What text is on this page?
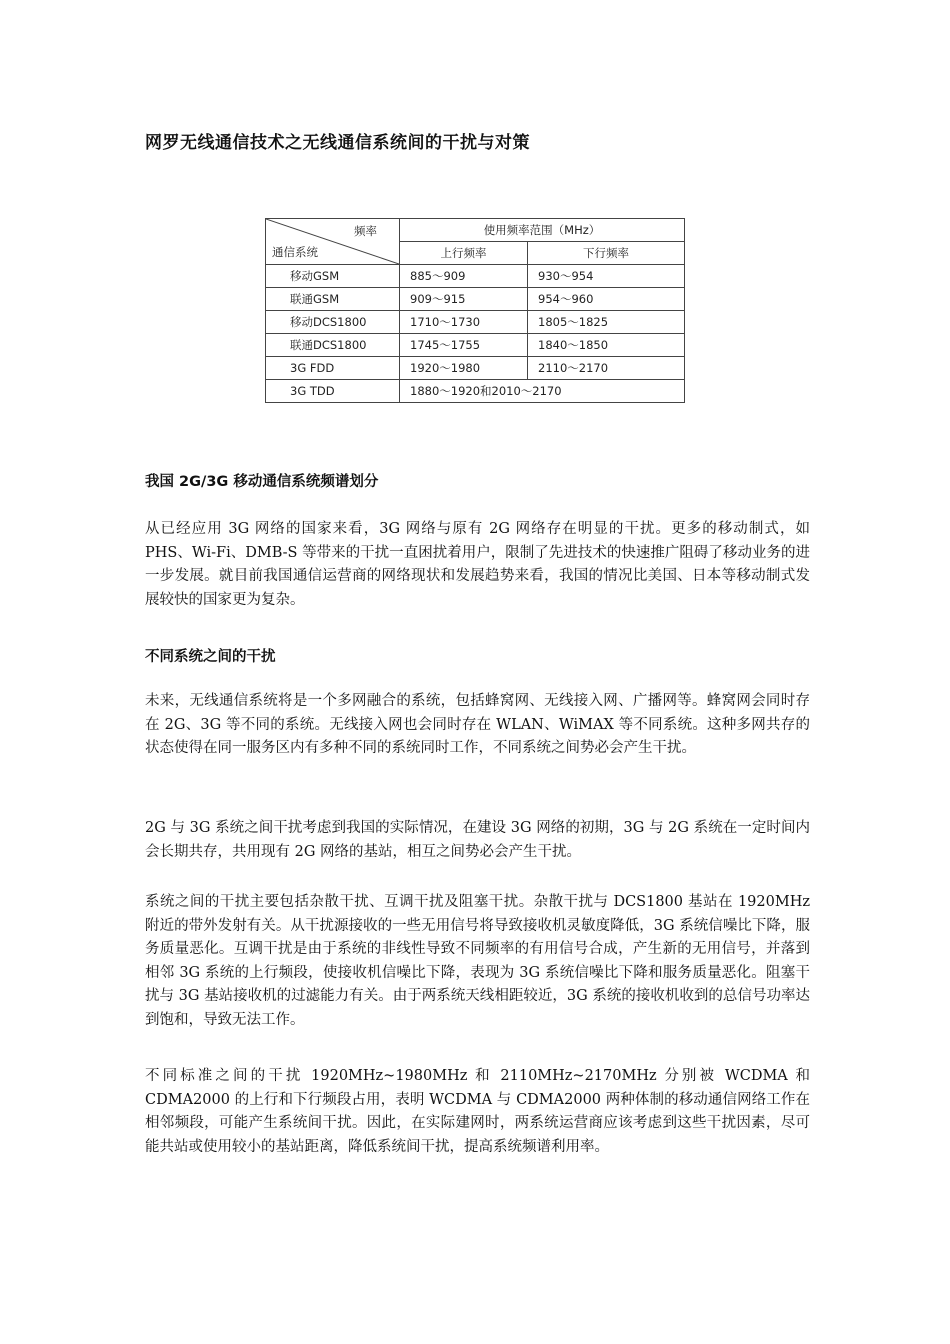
网罗无线通信技术之无线通信系统间的干扰与对策
频率
通信系统	使用频率范围（MHz）	
	上行频率	下行频率
移动GSM	885～909	930～954
联通GSM	909～915	954～960
移动DCS1800	1710～1730	1805～1825
联通DCS1800	1745～1755	1840～1850
3G FDD	1920～1980	2110～2170
3G TDD	1880～1920和2010～2170	
我国 2G/3G 移动通信系统频谱划分
从已经应用 3G 网络的国家来看，3G 网络与原有 2G 网络存在明显的干扰。更多的移动制式，如 PHS、Wi-Fi、DMB-S 等带来的干扰一直困扰着用户，限制了先进技术的快速推广阻碍了移动业务的进一步发展。就目前我国通信运营商的网络现状和发展趋势来看，我国的情况比美国、日本等移动制式发展较快的国家更为复杂。
不同系统之间的干扰
未来，无线通信系统将是一个多网融合的系统，包括蜂窝网、无线接入网、广播网等。蜂窝网会同时存在 2G、3G 等不同的系统。无线接入网也会同时存在 WLAN、WiMAX 等不同系统。这种多网共存的状态使得在同一服务区内有多种不同的系统同时工作，不同系统之间势必会产生干扰。
2G 与 3G 系统之间干扰考虑到我国的实际情况，在建设 3G 网络的初期，3G 与 2G 系统在一定时间内会长期共存，共用现有 2G 网络的基站，相互之间势必会产生干扰。
系统之间的干扰主要包括杂散干扰、互调干扰及阻塞干扰。杂散干扰与 DCS1800 基站在 1920MHz 附近的带外发射有关。从干扰源接收的一些无用信号将导致接收机灵敏度降低，3G 系统信噪比下降，服务质量恶化。互调干扰是由于系统的非线性导致不同频率的有用信号合成，产生新的无用信号，并落到相邻 3G 系统的上行频段，使接收机信噪比下降，表现为 3G 系统信噪比下降和服务质量恶化。阻塞干扰与 3G 基站接收机的过滤能力有关。由于两系统天线相距较近，3G 系统的接收机收到的总信号功率达到饱和，导致无法工作。
不同标准之间的干扰 1920MHz~1980MHz 和 2110MHz~2170MHz 分别被 WCDMA 和 CDMA2000 的上行和下行频段占用，表明 WCDMA 与 CDMA2000 两种体制的移动通信网络工作在相邻频段，可能产生系统间干扰。因此，在实际建网时，两系统运营商应该考虑到这些干扰因素，尽可能共站或使用较小的基站距离，降低系统间干扰，提高系统频谱利用率。
